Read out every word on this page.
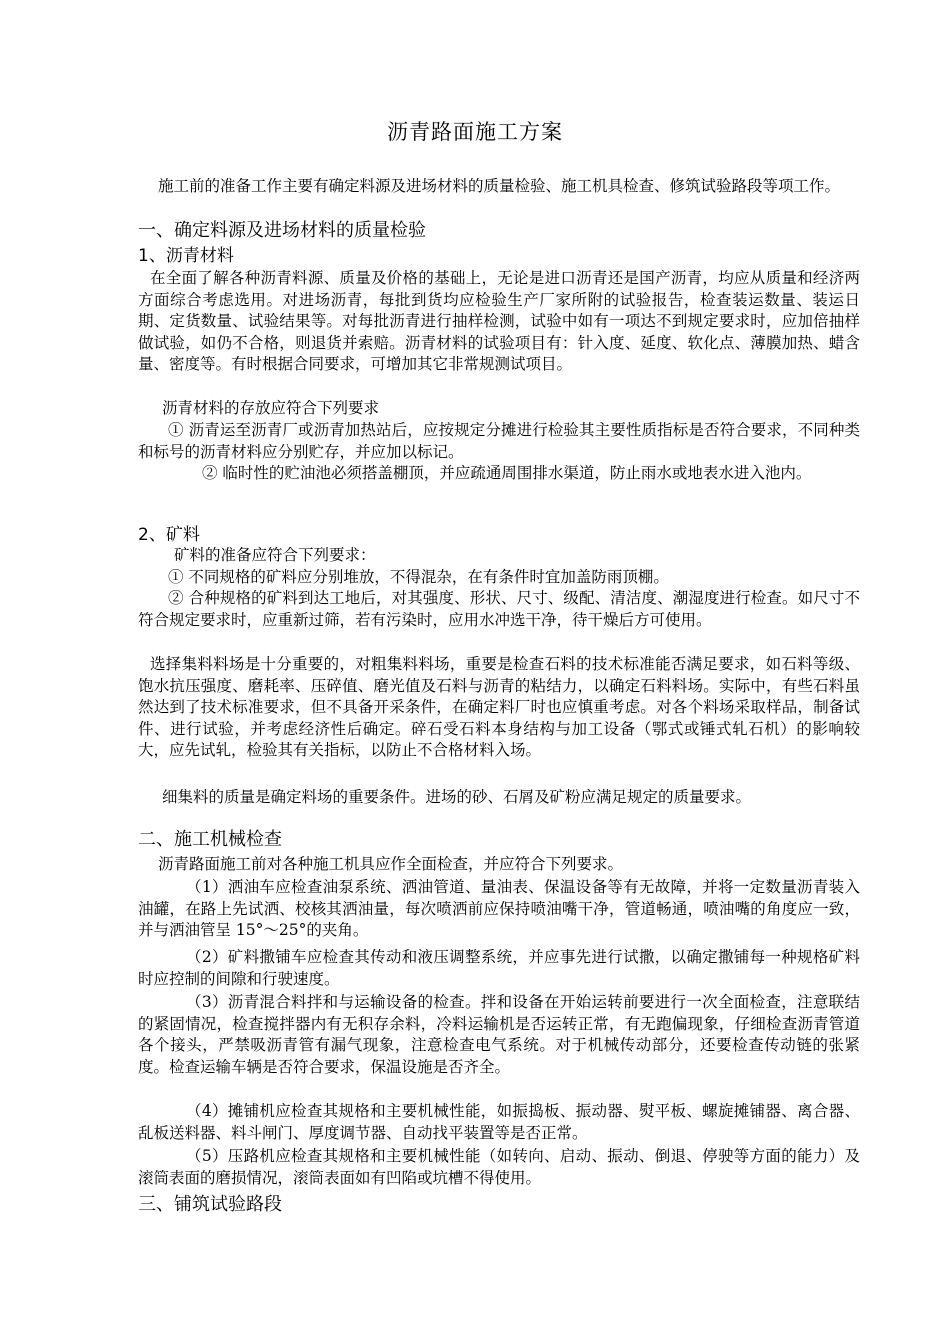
沥青路面施工方案
施工前的准备工作主要有确定料源及进场材料的质量检验、施工机具检查、修筑试验路段等项工作。
一、确定料源及进场材料的质量检验
1、沥青材料
在全面了解各种沥青料源、质量及价格的基础上，无论是进口沥青还是国产沥青，均应从质量和经济两方面综合考虑选用。对进场沥青，每批到货均应检验生产厂家所附的试验报告，检查装运数量、装运日期、定货数量、试验结果等。对每批沥青进行抽样检测，试验中如有一项达不到规定要求时，应加倍抽样做试验，如仍不合格，则退货并索赔。沥青材料的试验项目有：针入度、延度、软化点、薄膜加热、蜡含量、密度等。有时根据合同要求，可增加其它非常规测试项目。
沥青材料的存放应符合下列要求
① 沥青运至沥青厂或沥青加热站后，应按规定分摊进行检验其主要性质指标是否符合要求，不同种类和标号的沥青材料应分别贮存，并应加以标记。
② 临时性的贮油池必须搭盖棚顶，并应疏通周围排水渠道，防止雨水或地表水进入池内。
2、矿料
矿料的准备应符合下列要求：
① 不同规格的矿料应分别堆放，不得混杂，在有条件时宜加盖防雨顶棚。
② 合种规格的矿料到达工地后，对其强度、形状、尺寸、级配、清洁度、潮湿度进行检查。如尺寸不符合规定要求时，应重新过筛，若有污染时，应用水冲选干净，待干燥后方可使用。
选择集料料场是十分重要的，对粗集料料场，重要是检查石料的技术标准能否满足要求，如石料等级、饱水抗压强度、磨耗率、压碎值、磨光值及石料与沥青的粘结力，以确定石料料场。实际中，有些石料虽然达到了技术标准要求，但不具备开采条件，在确定料厂时也应慎重考虑。对各个料场采取样品，制备试件、进行试验，并考虑经济性后确定。碎石受石料本身结构与加工设备（鄂式或锤式轧石机）的影响较大，应先试轧，检验其有关指标，以防止不合格材料入场。
细集料的质量是确定料场的重要条件。进场的砂、石屑及矿粉应满足规定的质量要求。
二、施工机械检查
沥青路面施工前对各种施工机具应作全面检查，并应符合下列要求。
（1）洒油车应检查油泵系统、洒油管道、量油表、保温设备等有无故障，并将一定数量沥青装入油罐，在路上先试洒、校核其洒油量，每次喷洒前应保持喷油嘴干净，管道畅通，喷油嘴的角度应一致，并与洒油管呈 15°～25°的夹角。
（2）矿料撒铺车应检查其传动和液压调整系统，并应事先进行试撒，以确定撒铺每一种规格矿料时应控制的间隙和行驶速度。
（3）沥青混合料拌和与运输设备的检查。拌和设备在开始运转前要进行一次全面检查，注意联结的紧固情况，检查搅拌器内有无积存余料，冷料运输机是否运转正常，有无跑偏现象，仔细检查沥青管道各个接头，严禁吸沥青管有漏气现象，注意检查电气系统。对于机械传动部分，还要检查传动链的张紧度。检查运输车辆是否符合要求，保温设施是否齐全。
（4）摊铺机应检查其规格和主要机械性能，如振捣板、振动器、熨平板、螺旋摊铺器、离合器、乱板送料器、料斗闸门、厚度调节器、自动找平装置等是否正常。
（5）压路机应检查其规格和主要机械性能（如转向、启动、振动、倒退、停驶等方面的能力）及滚筒表面的磨损情况，滚筒表面如有凹陷或坑槽不得使用。
三、铺筑试验路段
